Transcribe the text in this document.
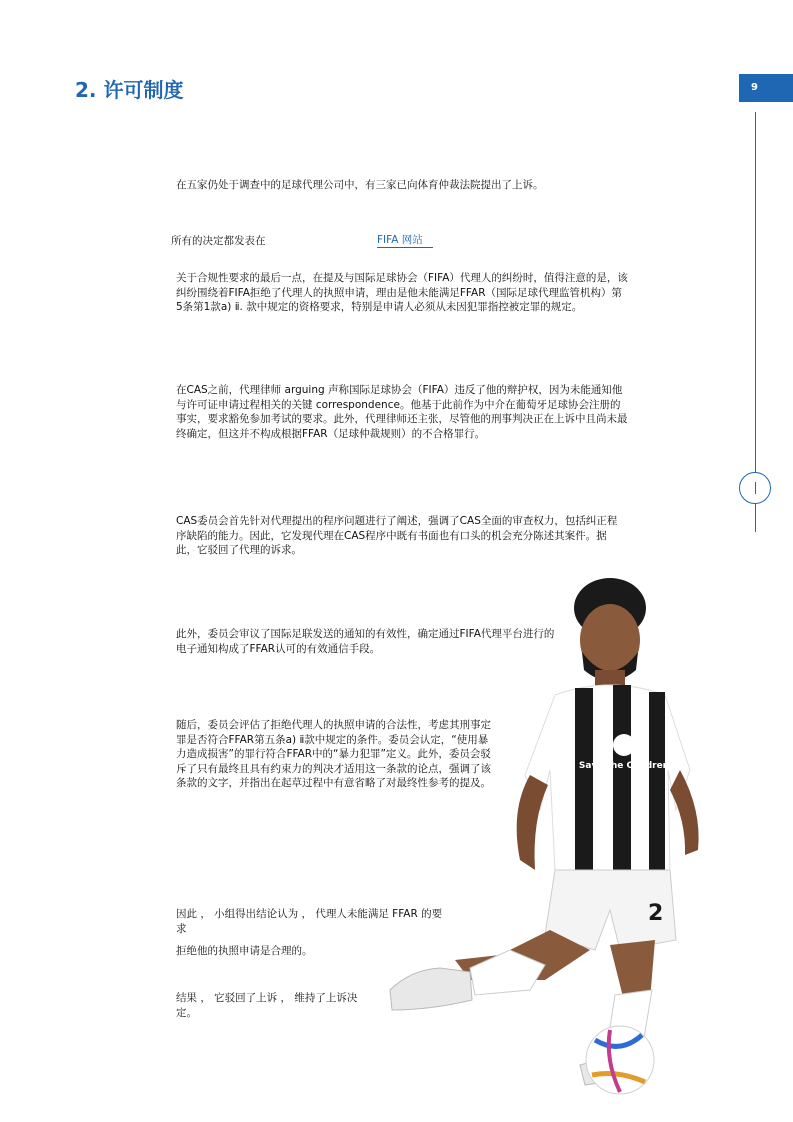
2. 许可制度	9

在五家仍处于调查中的足球代理公司中，有三家已向体育仲裁法院提出了上诉。

所有的决定都发表在	FIFA 网站

关于合规性要求的最后一点，在提及与国际足球协会（FIFA）代理人的纠纷时，值得注意的是，该纠纷围绕着FIFA拒绝了代理人的执照申请，理由是他未能满足FFAR（国际足球代理监管机构）第5条第1款a) ⅱ. 款中规定的资格要求，特别是申请人必须从未因犯罪指控被定罪的规定。

在CAS之前，代理律师 arguing 声称国际足球协会（FIFA）违反了他的辩护权，因为未能通知他与许可证申请过程相关的关键 correspondence。他基于此前作为中介在葡萄牙足球协会注册的事实，要求豁免参加考试的要求。此外，代理律师还主张，尽管他的刑事判决正在上诉中且尚未最终确定，但这并不构成根据FFAR（足球仲裁规则）的不合格罪行。

CAS委员会首先针对代理提出的程序问题进行了阐述，强调了CAS全面的审查权力，包括纠正程序缺陷的能力。因此，它发现代理在CAS程序中既有书面也有口头的机会充分陈述其案件。据此，它驳回了代理的诉求。

此外，委员会审议了国际足联发送的通知的有效性，确定通过FIFA代理平台进行的电子通知构成了FFAR认可的有效通信手段。

随后，委员会评估了拒绝代理人的执照申请的合法性，考虑其刑事定罪是否符合FFAR第五条a) ⅱ款中规定的条件。委员会认定，“使用暴力造成损害”的罪行符合FFAR中的“暴力犯罪”定义。此外，委员会驳斥了只有最终且具有约束力的判决才适用这一条款的论点，强调了该条款的文字，并指出在起草过程中有意省略了对最终性参考的提及。

因此 ， 小组得出结论认为 ， 代理人未能满足 FFAR 的要求

拒绝他的执照申请是合理的。

结果 ， 它驳回了上诉 ， 维持了上诉决定。

Save the Children
2
